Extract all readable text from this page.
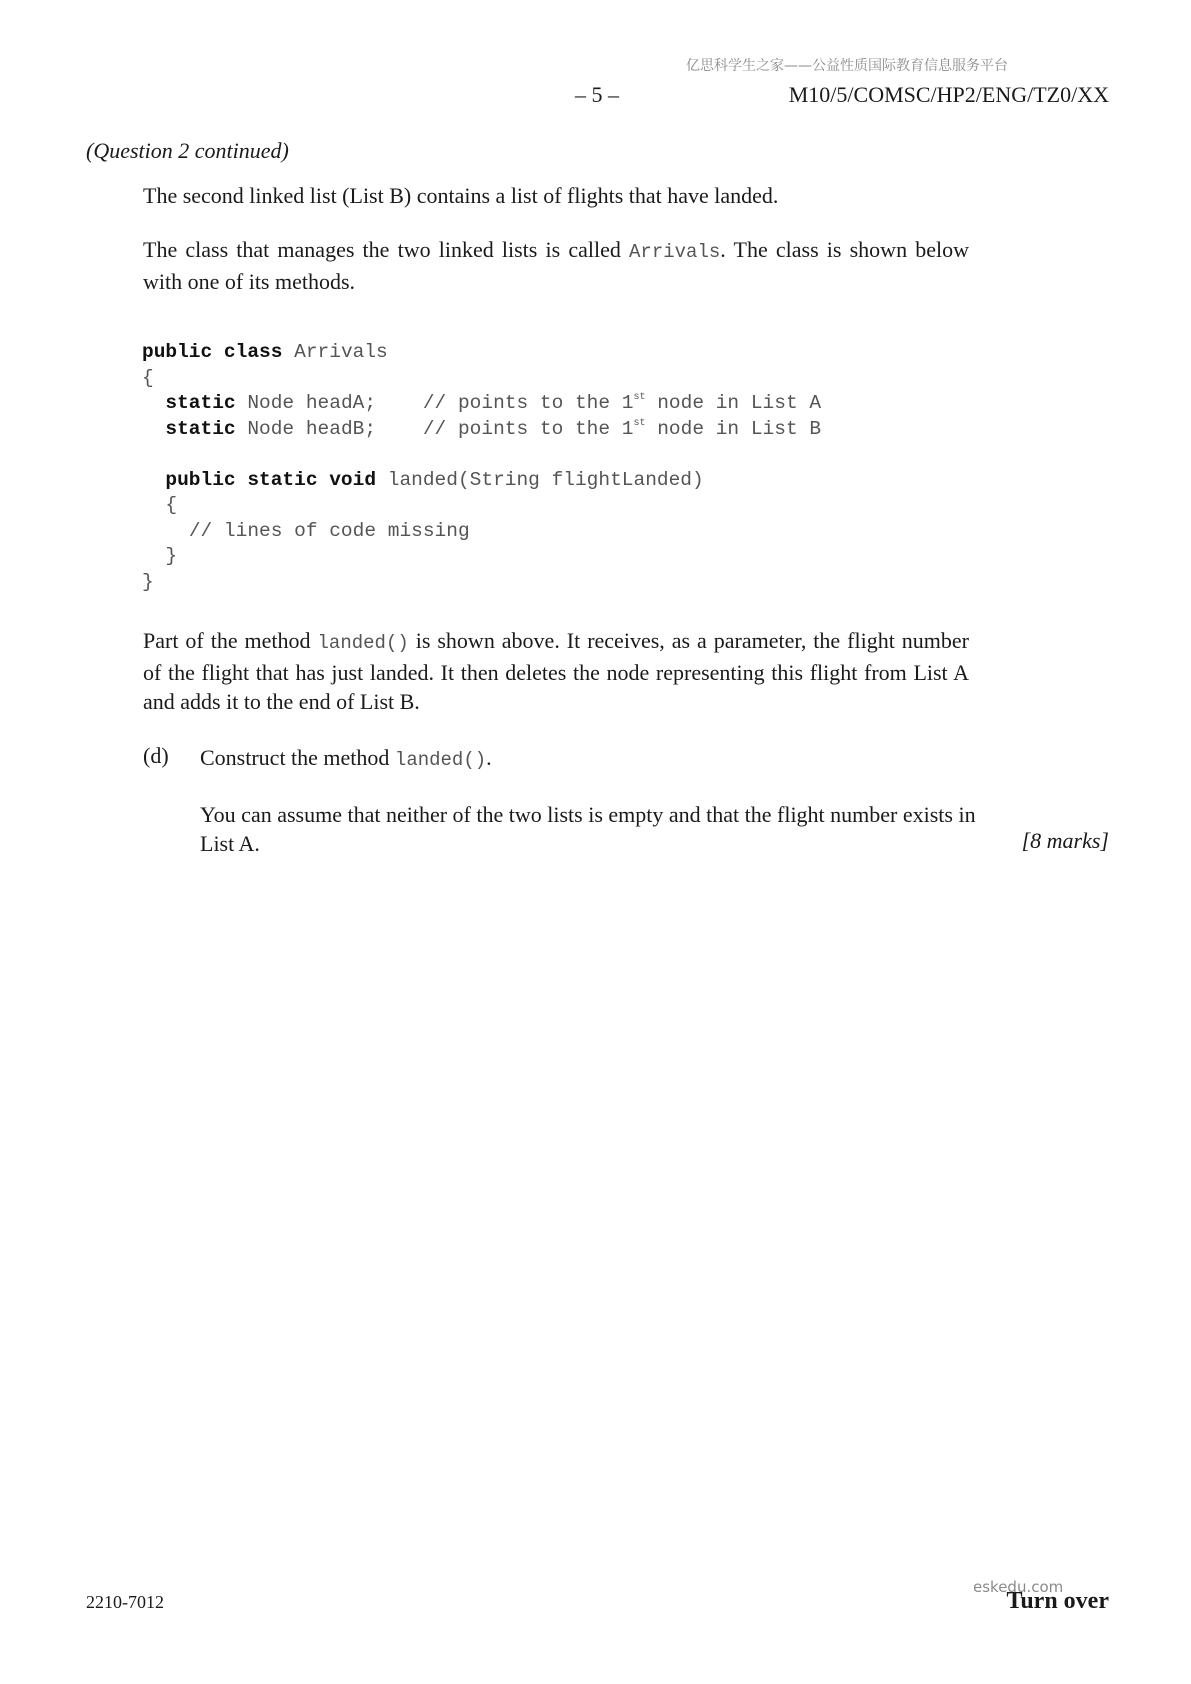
亿思科学生之家——公益性质国际教育信息服务平台
– 5 –	M10/5/COMSC/HP2/ENG/TZ0/XX
(Question 2 continued)
The second linked list (List B) contains a list of flights that have landed.
The class that manages the two linked lists is called Arrivals. The class is shown below with one of its methods.
public class Arrivals
{
static Node headA;    // points to the 1st node in List A
static Node headB;    // points to the 1st node in List B

public static void landed(String flightLanded)
{
// lines of code missing
}
}
Part of the method landed() is shown above. It receives, as a parameter, the flight number of the flight that has just landed. It then deletes the node representing this flight from List A and adds it to the end of List B.
(d) Construct the method landed().
You can assume that neither of the two lists is empty and that the flight number exists in List A.	[8 marks]
2210-7012	Turn over
eskedu.com
